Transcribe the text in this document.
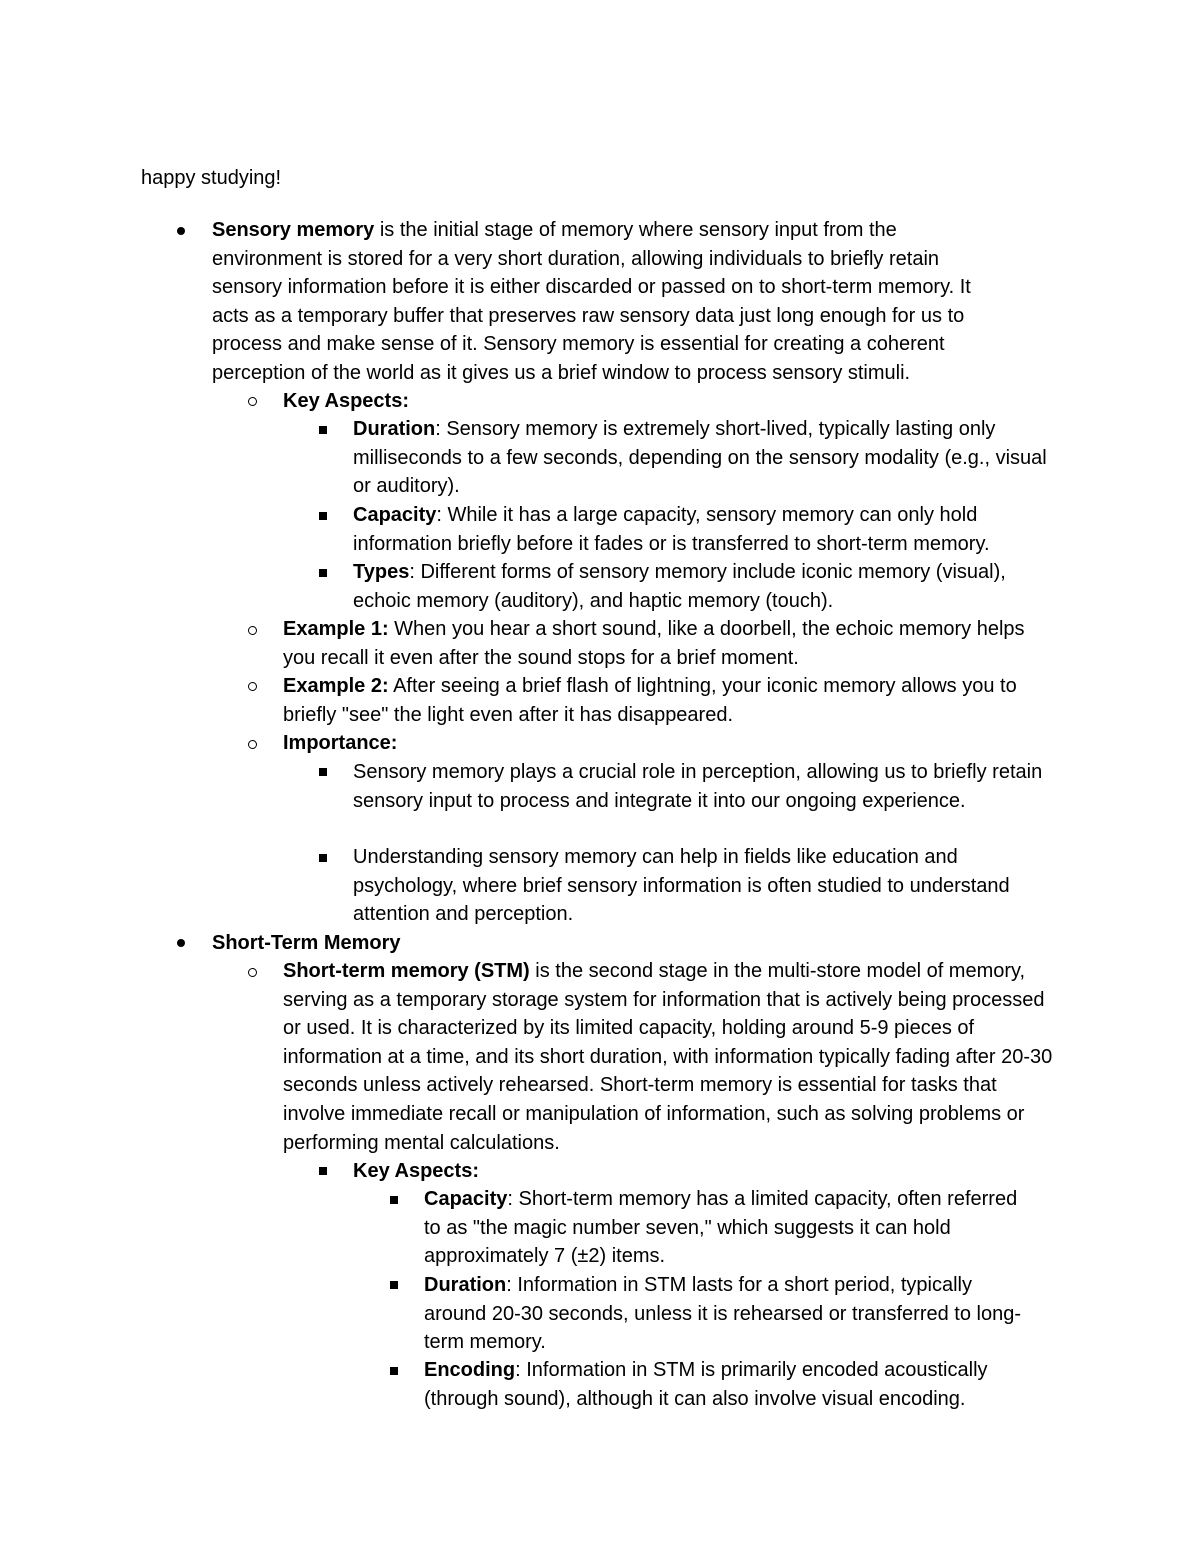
happy studying!

Sensory memory is the initial stage of memory where sensory input from the environment is stored for a very short duration, allowing individuals to briefly retain sensory information before it is either discarded or passed on to short-term memory. It acts as a temporary buffer that preserves raw sensory data just long enough for us to process and make sense of it. Sensory memory is essential for creating a coherent perception of the world as it gives us a brief window to process sensory stimuli.

Key Aspects:

Duration: Sensory memory is extremely short-lived, typically lasting only milliseconds to a few seconds, depending on the sensory modality (e.g., visual or auditory).

Capacity: While it has a large capacity, sensory memory can only hold information briefly before it fades or is transferred to short-term memory.

Types: Different forms of sensory memory include iconic memory (visual), echoic memory (auditory), and haptic memory (touch).

Example 1: When you hear a short sound, like a doorbell, the echoic memory helps you recall it even after the sound stops for a brief moment.

Example 2: After seeing a brief flash of lightning, your iconic memory allows you to briefly "see" the light even after it has disappeared.

Importance:

Sensory memory plays a crucial role in perception, allowing us to briefly retain sensory input to process and integrate it into our ongoing experience.

Understanding sensory memory can help in fields like education and psychology, where brief sensory information is often studied to understand attention and perception.

Short-Term Memory

Short-term memory (STM) is the second stage in the multi-store model of memory, serving as a temporary storage system for information that is actively being processed or used. It is characterized by its limited capacity, holding around 5-9 pieces of information at a time, and its short duration, with information typically fading after 20-30 seconds unless actively rehearsed. Short-term memory is essential for tasks that involve immediate recall or manipulation of information, such as solving problems or performing mental calculations.

Key Aspects:

Capacity: Short-term memory has a limited capacity, often referred to as "the magic number seven," which suggests it can hold approximately 7 (±2) items.

Duration: Information in STM lasts for a short period, typically around 20-30 seconds, unless it is rehearsed or transferred to long-term memory.

Encoding: Information in STM is primarily encoded acoustically (through sound), although it can also involve visual encoding.
